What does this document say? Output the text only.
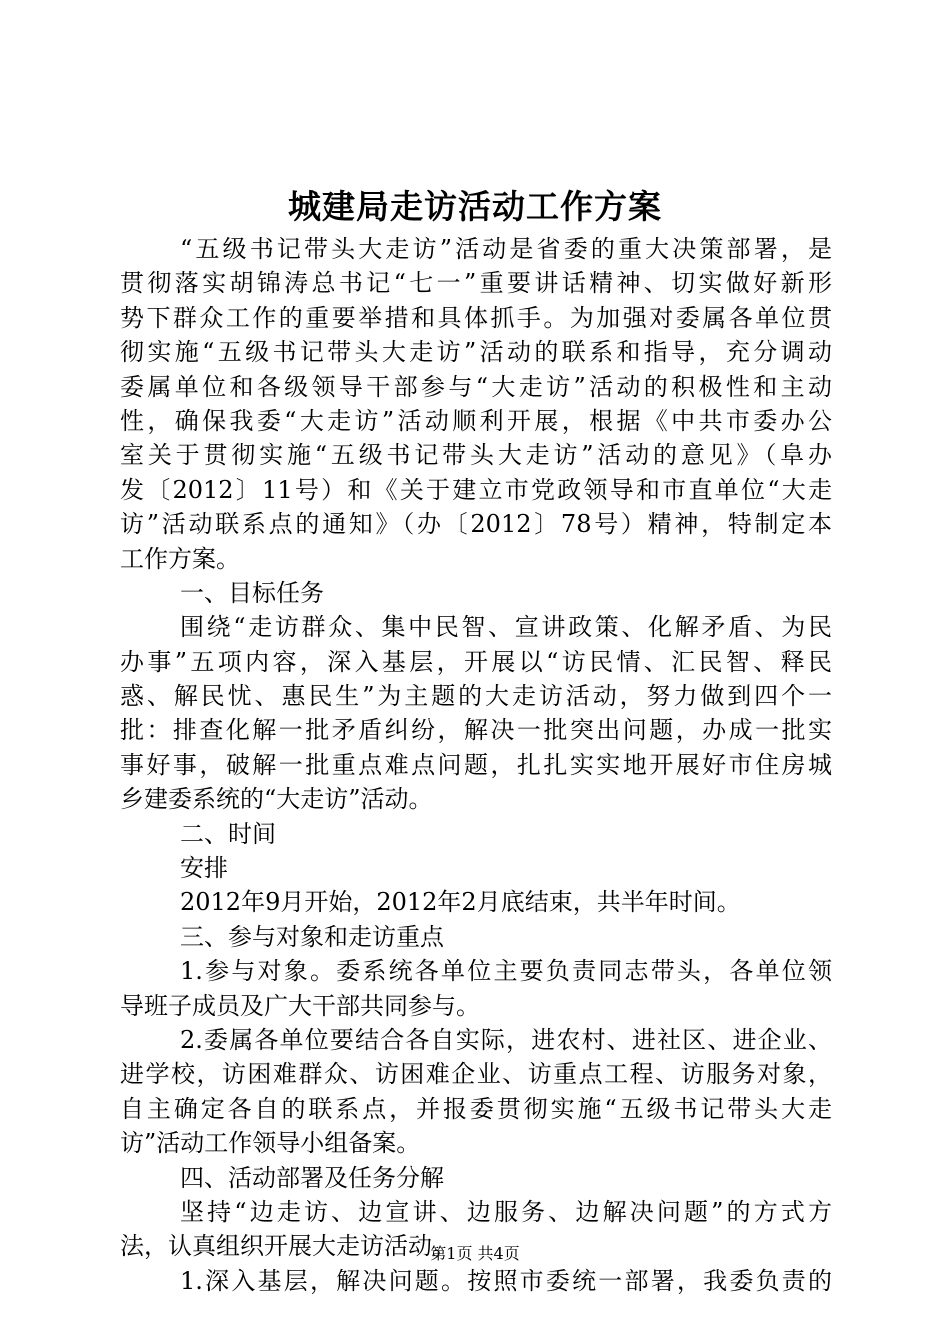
城建局走访活动工作方案
“五级书记带头大走访”活动是省委的重大决策部署，是
贯彻落实胡锦涛总书记“七一”重要讲话精神、切实做好新形
势下群众工作的重要举措和具体抓手。为加强对委属各单位贯
彻实施“五级书记带头大走访”活动的联系和指导，充分调动
委属单位和各级领导干部参与“大走访”活动的积极性和主动
性，确保我委“大走访”活动顺利开展，根据《中共市委办公
室关于贯彻实施“五级书记带头大走访”活动的意见》（阜办
发〔2012〕11号）和《关于建立市党政领导和市直单位“大走
访”活动联系点的通知》（办〔2012〕78号）精神，特制定本
工作方案。
一、目标任务
围绕“走访群众、集中民智、宣讲政策、化解矛盾、为民
办事”五项内容，深入基层，开展以“访民情、汇民智、释民
惑、解民忧、惠民生”为主题的大走访活动，努力做到四个一
批：排查化解一批矛盾纠纷，解决一批突出问题，办成一批实
事好事，破解一批重点难点问题，扎扎实实地开展好市住房城
乡建委系统的“大走访”活动。
二、时间
安排
2012年9月开始，2012年2月底结束，共半年时间。
三、参与对象和走访重点
1.参与对象。委系统各单位主要负责同志带头，各单位领
导班子成员及广大干部共同参与。
2.委属各单位要结合各自实际，进农村、进社区、进企业、
进学校，访困难群众、访困难企业、访重点工程、访服务对象，
自主确定各自的联系点，并报委贯彻实施“五级书记带头大走
访”活动工作领导小组备案。
四、活动部署及任务分解
坚持“边走访、边宣讲、边服务、边解决问题”的方式方
法，认真组织开展大走访活动。
1.深入基层，解决问题。按照市委统一部署，我委负责的
第1页 共4页
